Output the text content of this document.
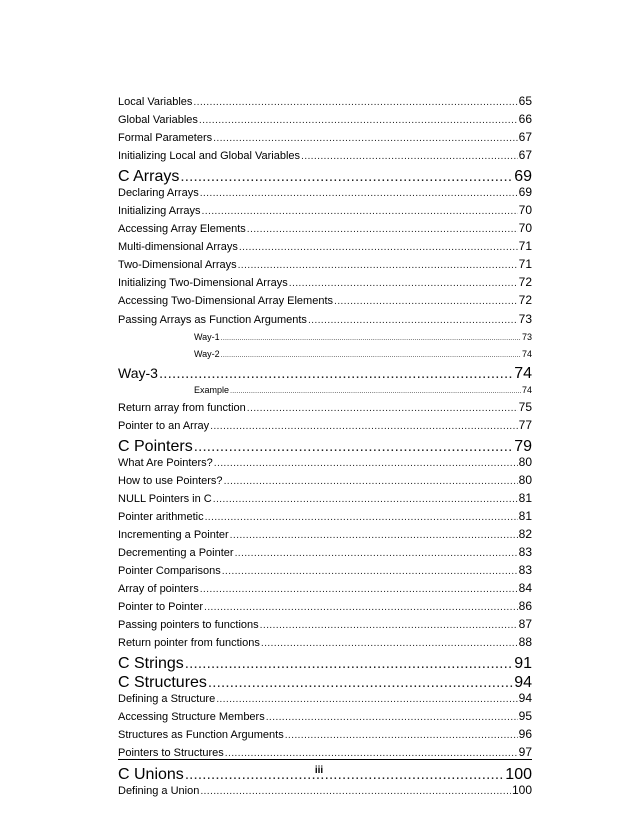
Local Variables .....	65
Global Variables .....	66
Formal Parameters .....	67
Initializing Local and Global Variables .....	67
C Arrays .....	69
Declaring Arrays .....	69
Initializing Arrays .....	70
Accessing Array Elements .....	70
Multi-dimensional Arrays .....	71
Two-Dimensional Arrays .....	71
Initializing Two-Dimensional Arrays .....	72
Accessing Two-Dimensional Array Elements .....	72
Passing Arrays as Function Arguments .....	73
Way-1 .....	73
Way-2 .....	74
Way-3 .....	74
Example .....	74
Return array from function .....	75
Pointer to an Array .....	77
C Pointers .....	79
What Are Pointers? .....	80
How to use Pointers? .....	80
NULL Pointers in C .....	81
Pointer arithmetic .....	81
Incrementing a Pointer .....	82
Decrementing a Pointer .....	83
Pointer Comparisons .....	83
Array of pointers .....	84
Pointer to Pointer .....	86
Passing pointers to functions .....	87
Return pointer from functions .....	88
C Strings .....	91
C Structures .....	94
Defining a Structure .....	94
Accessing Structure Members .....	95
Structures as Function Arguments .....	96
Pointers to Structures .....	97
C Unions .....	100
Defining a Union .....	100
iii
